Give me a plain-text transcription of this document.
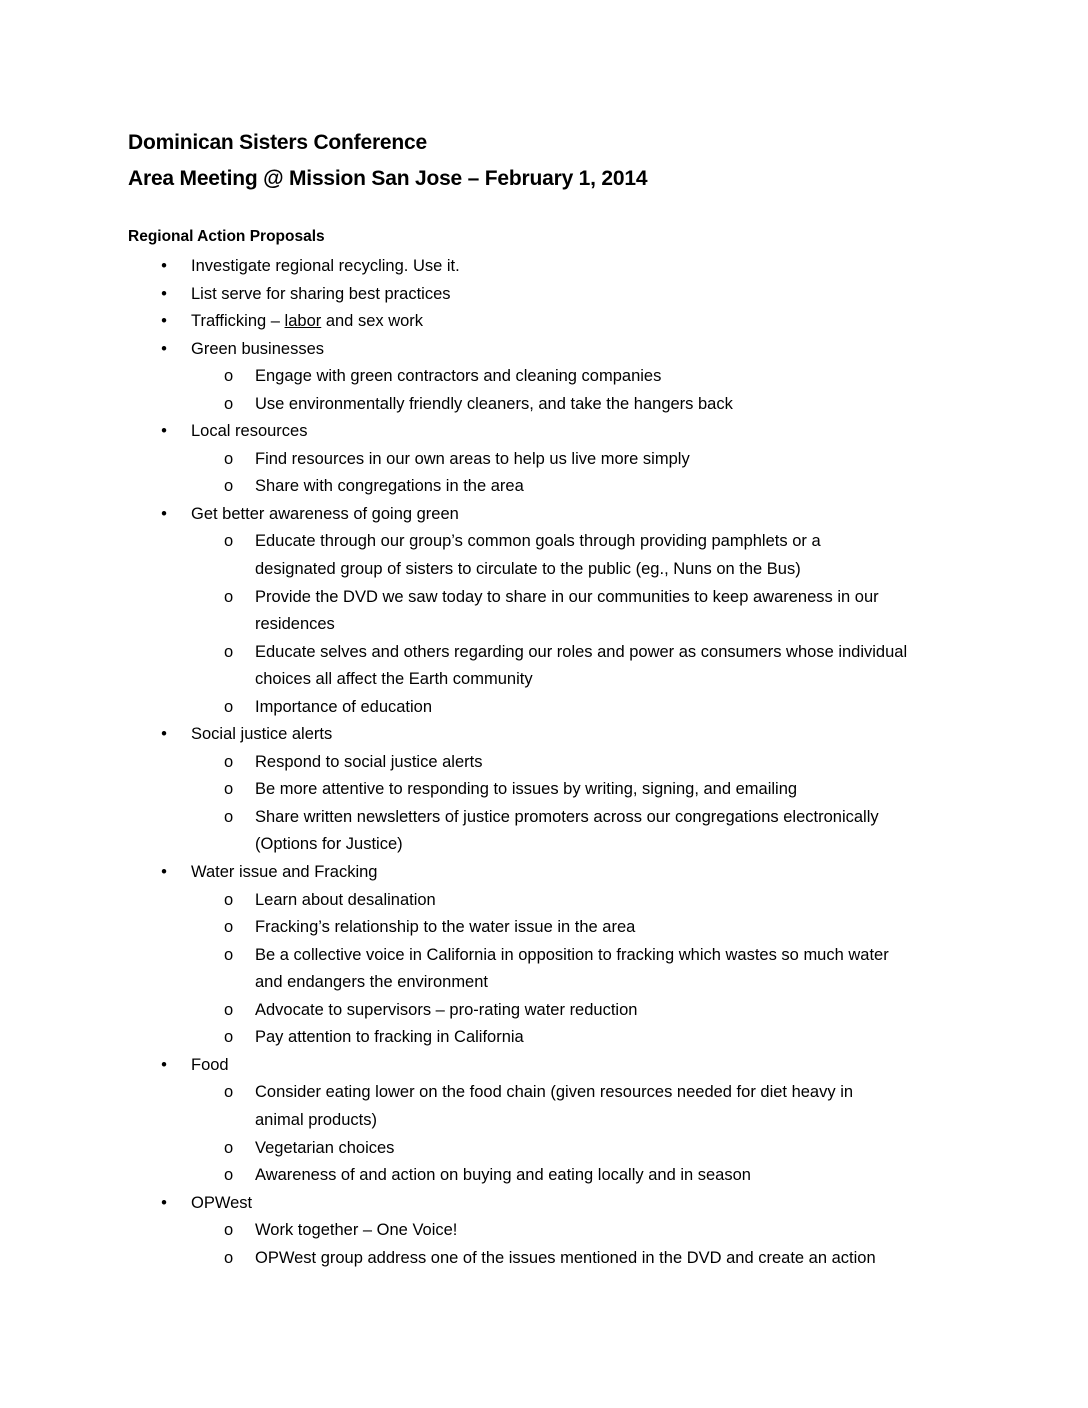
Dominican Sisters Conference
Area Meeting @ Mission San Jose – February 1, 2014
Regional Action Proposals
• Investigate regional recycling. Use it.
• List serve for sharing best practices
• Trafficking – labor and sex work
• Green businesses
o Engage with green contractors and cleaning companies
o Use environmentally friendly cleaners, and take the hangers back
• Local resources
o Find resources in our own areas to help us live more simply
o Share with congregations in the area
• Get better awareness of going green
o Educate through our group’s common goals through providing pamphlets or a
designated group of sisters to circulate to the public (eg., Nuns on the Bus)
o Provide the DVD we saw today to share in our communities to keep awareness in our
residences
o Educate selves and others regarding our roles and power as consumers whose individual
choices all affect the Earth community
o Importance of education
• Social justice alerts
o Respond to social justice alerts
o Be more attentive to responding to issues by writing, signing, and emailing
o Share written newsletters of justice promoters across our congregations electronically
(Options for Justice)
• Water issue and Fracking
o Learn about desalination
o Fracking’s relationship to the water issue in the area
o Be a collective voice in California in opposition to fracking which wastes so much water
and endangers the environment
o Advocate to supervisors – pro-rating water reduction
o Pay attention to fracking in California
• Food
o Consider eating lower on the food chain (given resources needed for diet heavy in
animal products)
o Vegetarian choices
o Awareness of and action on buying and eating locally and in season
• OPWest
o Work together – One Voice!
o OPWest group address one of the issues mentioned in the DVD and create an action
